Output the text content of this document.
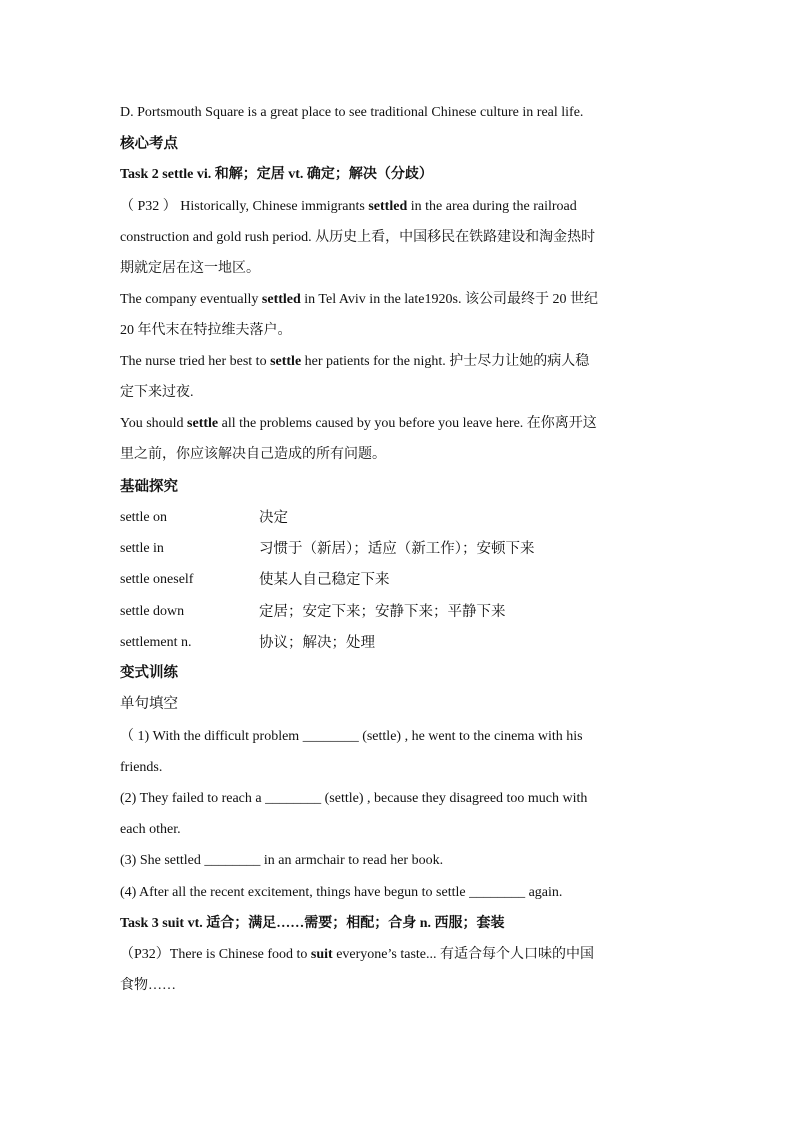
D. Portsmouth Square is a great place to see traditional Chinese culture in real life.
核心考点
Task 2 settle vi. 和解；定居 vt. 确定；解决（分歧）
（ P32 ） Historically, Chinese immigrants settled in the area during the railroad
construction and gold rush period. 从历史上看，中国移民在铁路建设和淘金热时
期就定居在这一地区。
The company eventually settled in Tel Aviv in the late1920s. 该公司最终于 20 世纪
20 年代末在特拉维夫落户。
The nurse tried her best to settle her patients for the night. 护士尽力让她的病人稳
定下来过夜.
You should settle all the problems caused by you before you leave here. 在你离开这
里之前，你应该解决自己造成的所有问题。
基础探究
settle on	决定
settle in	习惯于（新居）；适应（新工作）；安顿下来
settle oneself	使某人自己稳定下来
settle down	定居；安定下来；安静下来；平静下来
settlement n.	协议；解决；处理
变式训练
单句填空
（ 1) With the difficult problem ________ (settle) , he went to the cinema with his
friends.
(2) They failed to reach a ________ (settle) , because they disagreed too much with
each other.
(3) She settled ________ in an armchair to read her book.
(4) After all the recent excitement, things have begun to settle ________ again.
Task 3 suit vt. 适合；满足……需要；相配；合身 n. 西服；套装
（P32）There is Chinese food to suit everyone’s taste... 有适合每个人口味的中国
食物……
